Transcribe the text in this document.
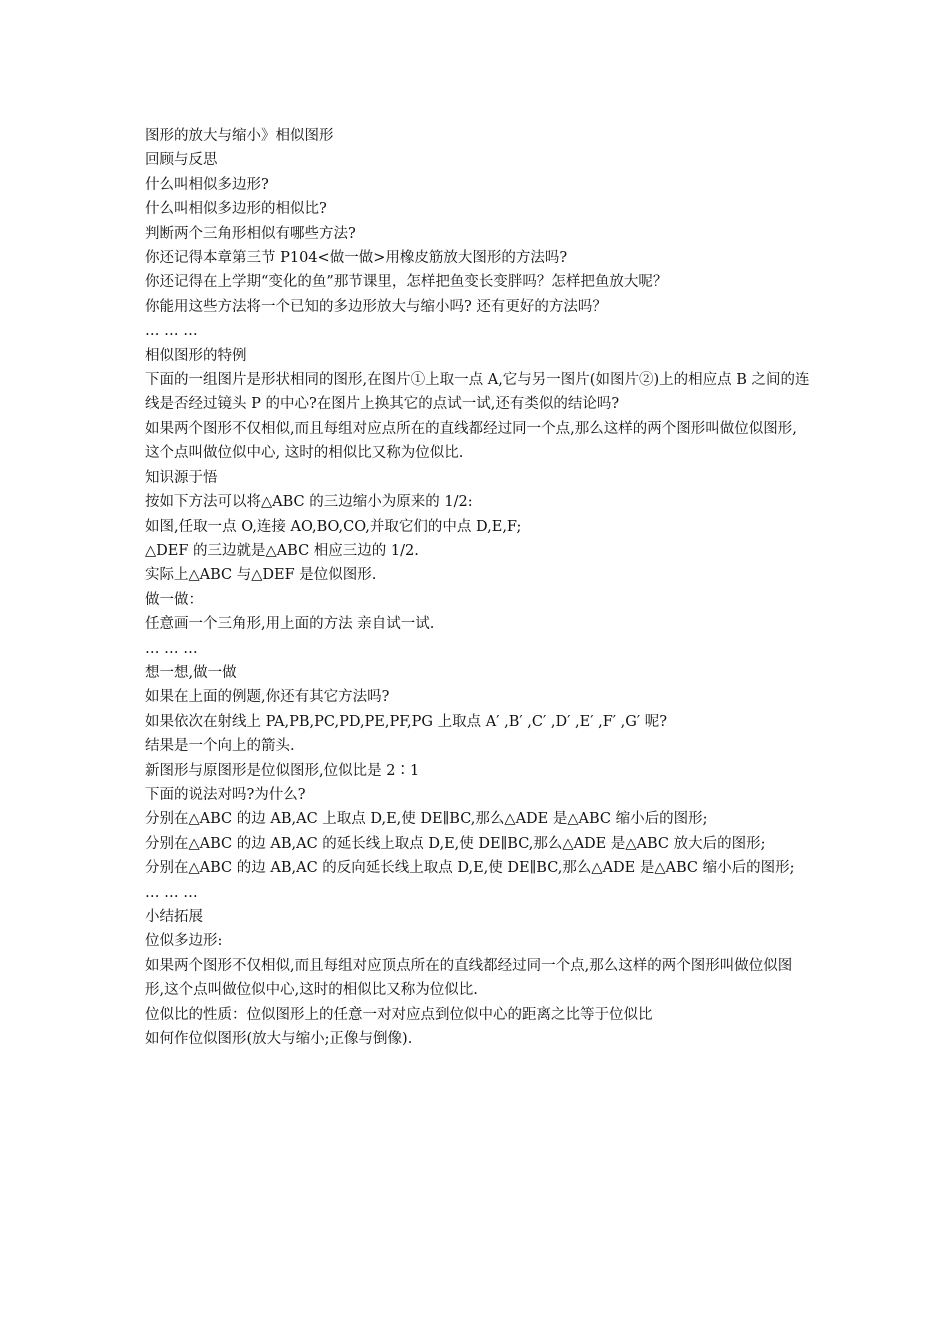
图形的放大与缩小》相似图形

回顾与反思

什么叫相似多边形?

什么叫相似多边形的相似比?

判断两个三角形相似有哪些方法?

你还记得本章第三节 P104<做一做>用橡皮筋放大图形的方法吗?

你还记得在上学期“变化的鱼”那节课里，怎样把鱼变长变胖吗？怎样把鱼放大呢？

你能用这些方法将一个已知的多边形放大与缩小吗? 还有更好的方法吗？

… … …

相似图形的特例

下面的一组图片是形状相同的图形,在图片①上取一点 A,它与另一图片(如图片②)上的相应点 B 之间的连线是否经过镜头 P 的中心?在图片上换其它的点试一试,还有类似的结论吗?

如果两个图形不仅相似,而且每组对应点所在的直线都经过同一个点,那么这样的两个图形叫做位似图形, 这个点叫做位似中心, 这时的相似比又称为位似比.

知识源于悟

按如下方法可以将△ABC 的三边缩小为原来的 1/2:

如图,任取一点 O,连接 AO,BO,CO,并取它们的中点 D,E,F;

△DEF 的三边就是△ABC 相应三边的 1/2.

实际上△ABC 与△DEF 是位似图形.

做一做：

任意画一个三角形,用上面的方法 亲自试一试.

… … …

想一想,做一做

如果在上面的例题,你还有其它方法吗?

如果依次在射线上 PA,PB,PC,PD,PE,PF,PG 上取点 A′ ,B′ ,C′ ,D′ ,E′ ,F′ ,G′ 呢?

结果是一个向上的箭头.

新图形与原图形是位似图形,位似比是 2∶1

下面的说法对吗?为什么?

分别在△ABC 的边 AB,AC 上取点 D,E,使 DE∥BC,那么△ADE 是△ABC 缩小后的图形;

分别在△ABC 的边 AB,AC 的延长线上取点 D,E,使 DE∥BC,那么△ADE 是△ABC 放大后的图形;

分别在△ABC 的边 AB,AC 的反向延长线上取点 D,E,使 DE∥BC,那么△ADE 是△ABC 缩小后的图形;

… … …

小结拓展

位似多边形:

如果两个图形不仅相似,而且每组对应顶点所在的直线都经过同一个点,那么这样的两个图形叫做位似图形,这个点叫做位似中心,这时的相似比又称为位似比.

位似比的性质：位似图形上的任意一对对应点到位似中心的距离之比等于位似比

如何作位似图形(放大与缩小;正像与倒像).
